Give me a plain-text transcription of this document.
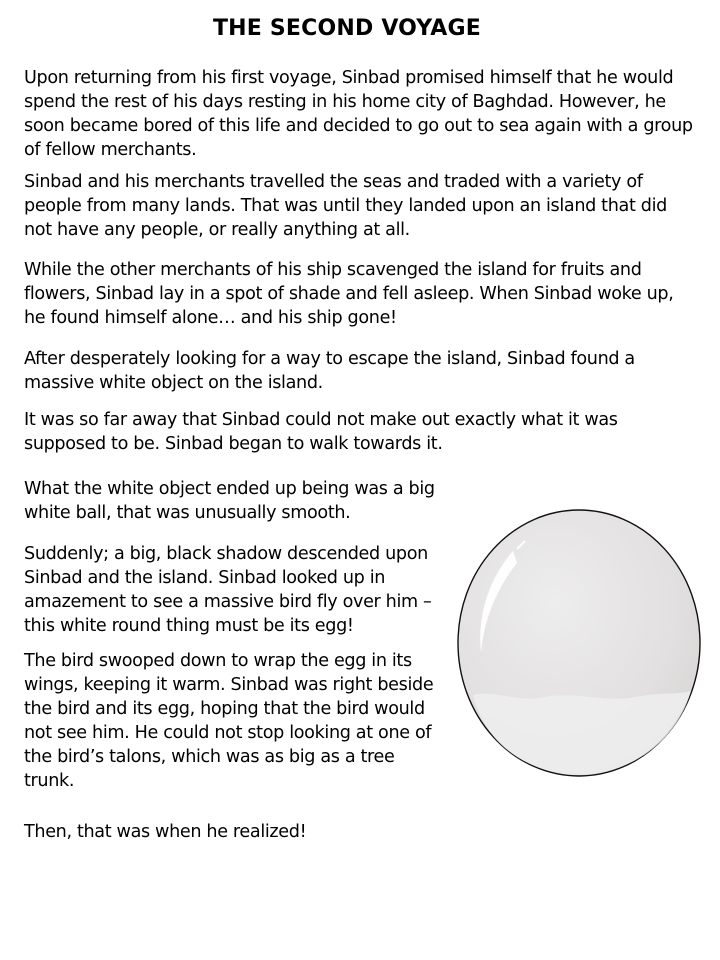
THE SECOND VOYAGE

Upon returning from his first voyage, Sinbad promised himself that he would spend the rest of his days resting in his home city of Baghdad. However, he soon became bored of this life and decided to go out to sea again with a group of fellow merchants.

Sinbad and his merchants travelled the seas and traded with a variety of people from many lands. That was until they landed upon an island that did not have any people, or really anything at all.

While the other merchants of his ship scavenged the island for fruits and flowers, Sinbad lay in a spot of shade and fell asleep. When Sinbad woke up, he found himself alone… and his ship gone!

After desperately looking for a way to escape the island, Sinbad found a massive white object on the island.

It was so far away that Sinbad could not make out exactly what it was supposed to be. Sinbad began to walk towards it.

What the white object ended up being was a big white ball, that was unusually smooth.

Suddenly; a big, black shadow descended upon Sinbad and the island. Sinbad looked up in amazement to see a massive bird fly over him – this white round thing must be its egg!

The bird swooped down to wrap the egg in its wings, keeping it warm. Sinbad was right beside the bird and its egg, hoping that the bird would not see him. He could not stop looking at one of the bird’s talons, which was as big as a tree trunk.

Then, that was when he realized!
